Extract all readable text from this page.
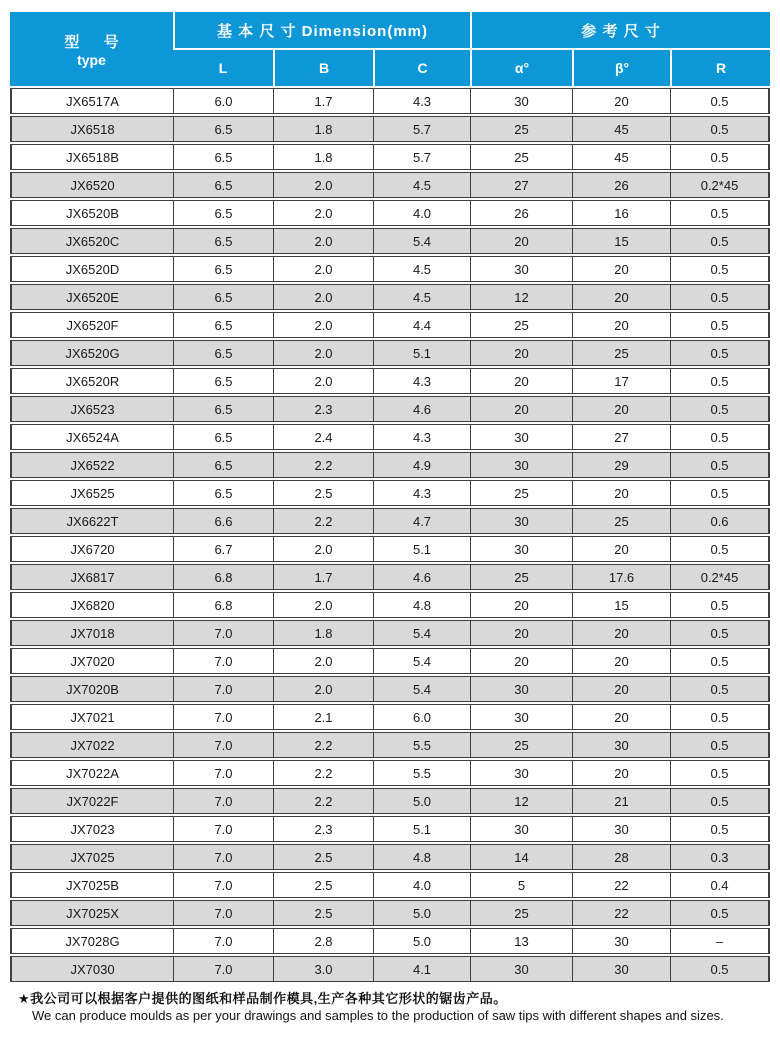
型 号
type	基 本 尺 寸 Dimension(mm)			参 考 尺 寸		
	L	B	C	α°	β°	R
JX6517A	6.0	1.7	4.3	30	20	0.5
JX6518	6.5	1.8	5.7	25	45	0.5
JX6518B	6.5	1.8	5.7	25	45	0.5
JX6520	6.5	2.0	4.5	27	26	0.2*45
JX6520B	6.5	2.0	4.0	26	16	0.5
JX6520C	6.5	2.0	5.4	20	15	0.5
JX6520D	6.5	2.0	4.5	30	20	0.5
JX6520E	6.5	2.0	4.5	12	20	0.5
JX6520F	6.5	2.0	4.4	25	20	0.5
JX6520G	6.5	2.0	5.1	20	25	0.5
JX6520R	6.5	2.0	4.3	20	17	0.5
JX6523	6.5	2.3	4.6	20	20	0.5
JX6524A	6.5	2.4	4.3	30	27	0.5
JX6522	6.5	2.2	4.9	30	29	0.5
JX6525	6.5	2.5	4.3	25	20	0.5
JX6622T	6.6	2.2	4.7	30	25	0.6
JX6720	6.7	2.0	5.1	30	20	0.5
JX6817	6.8	1.7	4.6	25	17.6	0.2*45
JX6820	6.8	2.0	4.8	20	15	0.5
JX7018	7.0	1.8	5.4	20	20	0.5
JX7020	7.0	2.0	5.4	20	20	0.5
JX7020B	7.0	2.0	5.4	30	20	0.5
JX7021	7.0	2.1	6.0	30	20	0.5
JX7022	7.0	2.2	5.5	25	30	0.5
JX7022A	7.0	2.2	5.5	30	20	0.5
JX7022F	7.0	2.2	5.0	12	21	0.5
JX7023	7.0	2.3	5.1	30	30	0.5
JX7025	7.0	2.5	4.8	14	28	0.3
JX7025B	7.0	2.5	4.0	5	22	0.4
JX7025X	7.0	2.5	5.0	25	22	0.5
JX7028G	7.0	2.8	5.0	13	30	–
JX7030	7.0	3.0	4.1	30	30	0.5
★我公司可以根据客户提供的图纸和样品制作模具,生产各种其它形状的锯齿产品。
We can produce moulds as per your drawings and samples to the production of saw tips with different shapes and sizes.
